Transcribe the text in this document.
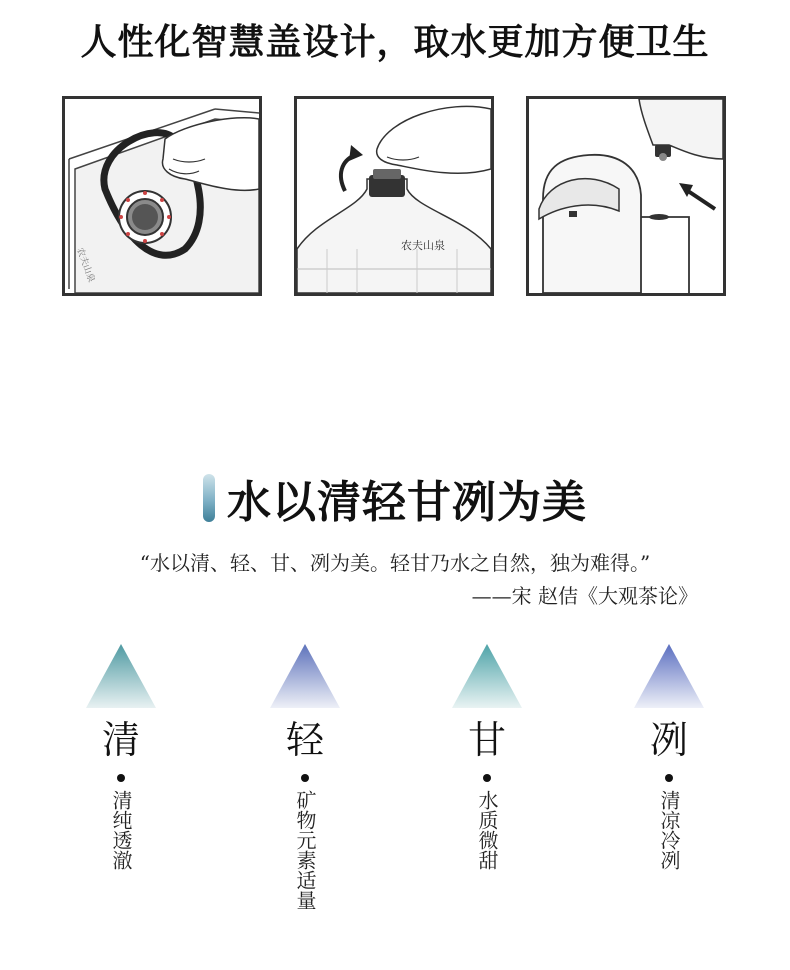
人性化智慧盖设计，取水更加方便卫生
农夫山泉
农夫山泉
水以清轻甘冽为美
“水以清、轻、甘、冽为美。轻甘乃水之自然，独为难得。”
——宋 赵佶《大观茶论》
清
清纯透澈
轻
矿物元素适量
甘
水质微甜
冽
清凉冷冽
